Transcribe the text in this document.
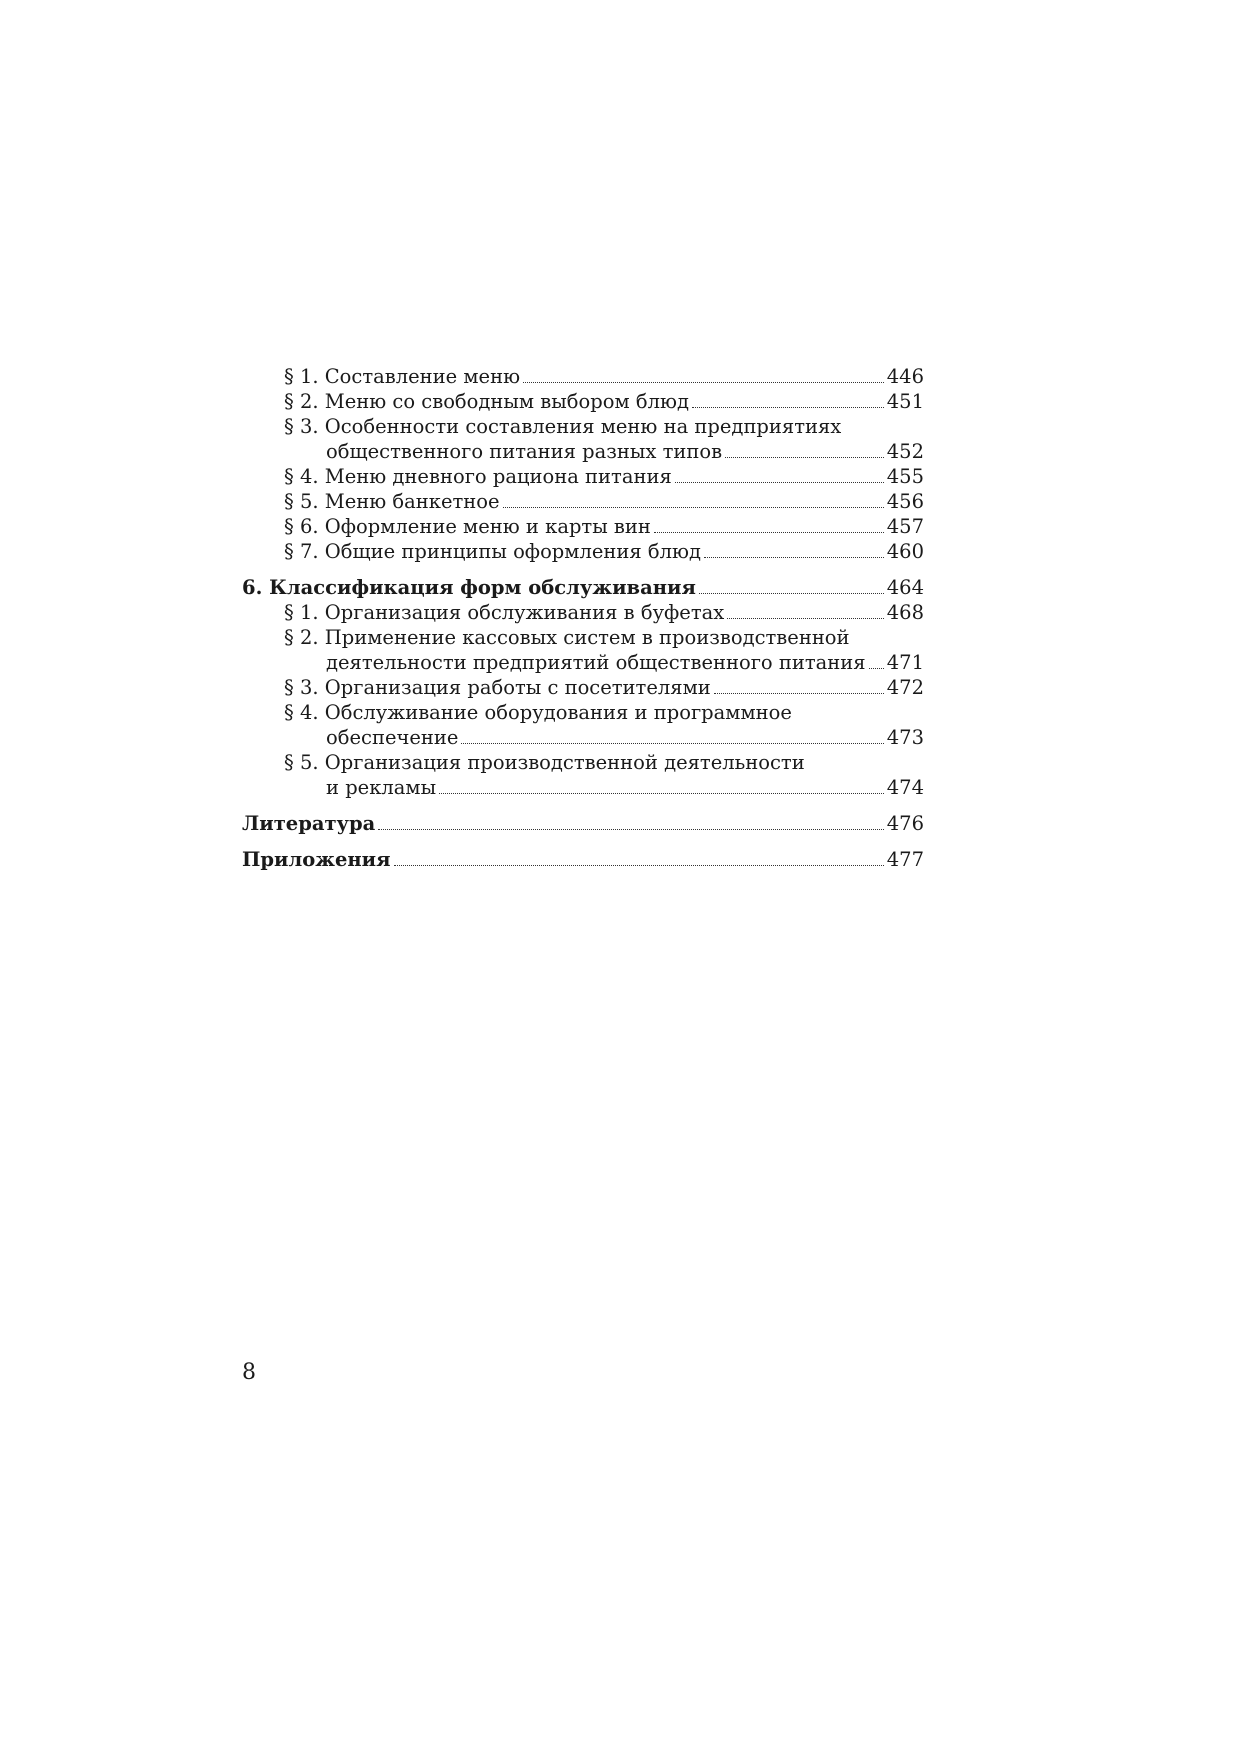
§ 1. Составление меню	446
§ 2. Меню со свободным выбором блюд	451
§ 3. Особенности составления меню на предприятиях
общественного питания разных типов	452
§ 4. Меню дневного рациона питания	455
§ 5. Меню банкетное	456
§ 6. Оформление меню и карты вин	457
§ 7. Общие принципы оформления блюд	460
6. Классификация форм обслуживания	464
§ 1. Организация обслуживания в буфетах	468
§ 2. Применение кассовых систем в производственной
деятельности предприятий общественного питания 471
§ 3. Организация работы с посетителями	472
§ 4. Обслуживание оборудования и программное
обеспечение	473
§ 5. Организация производственной деятельности
и рекламы	474
Литература	476
Приложения	477
8
